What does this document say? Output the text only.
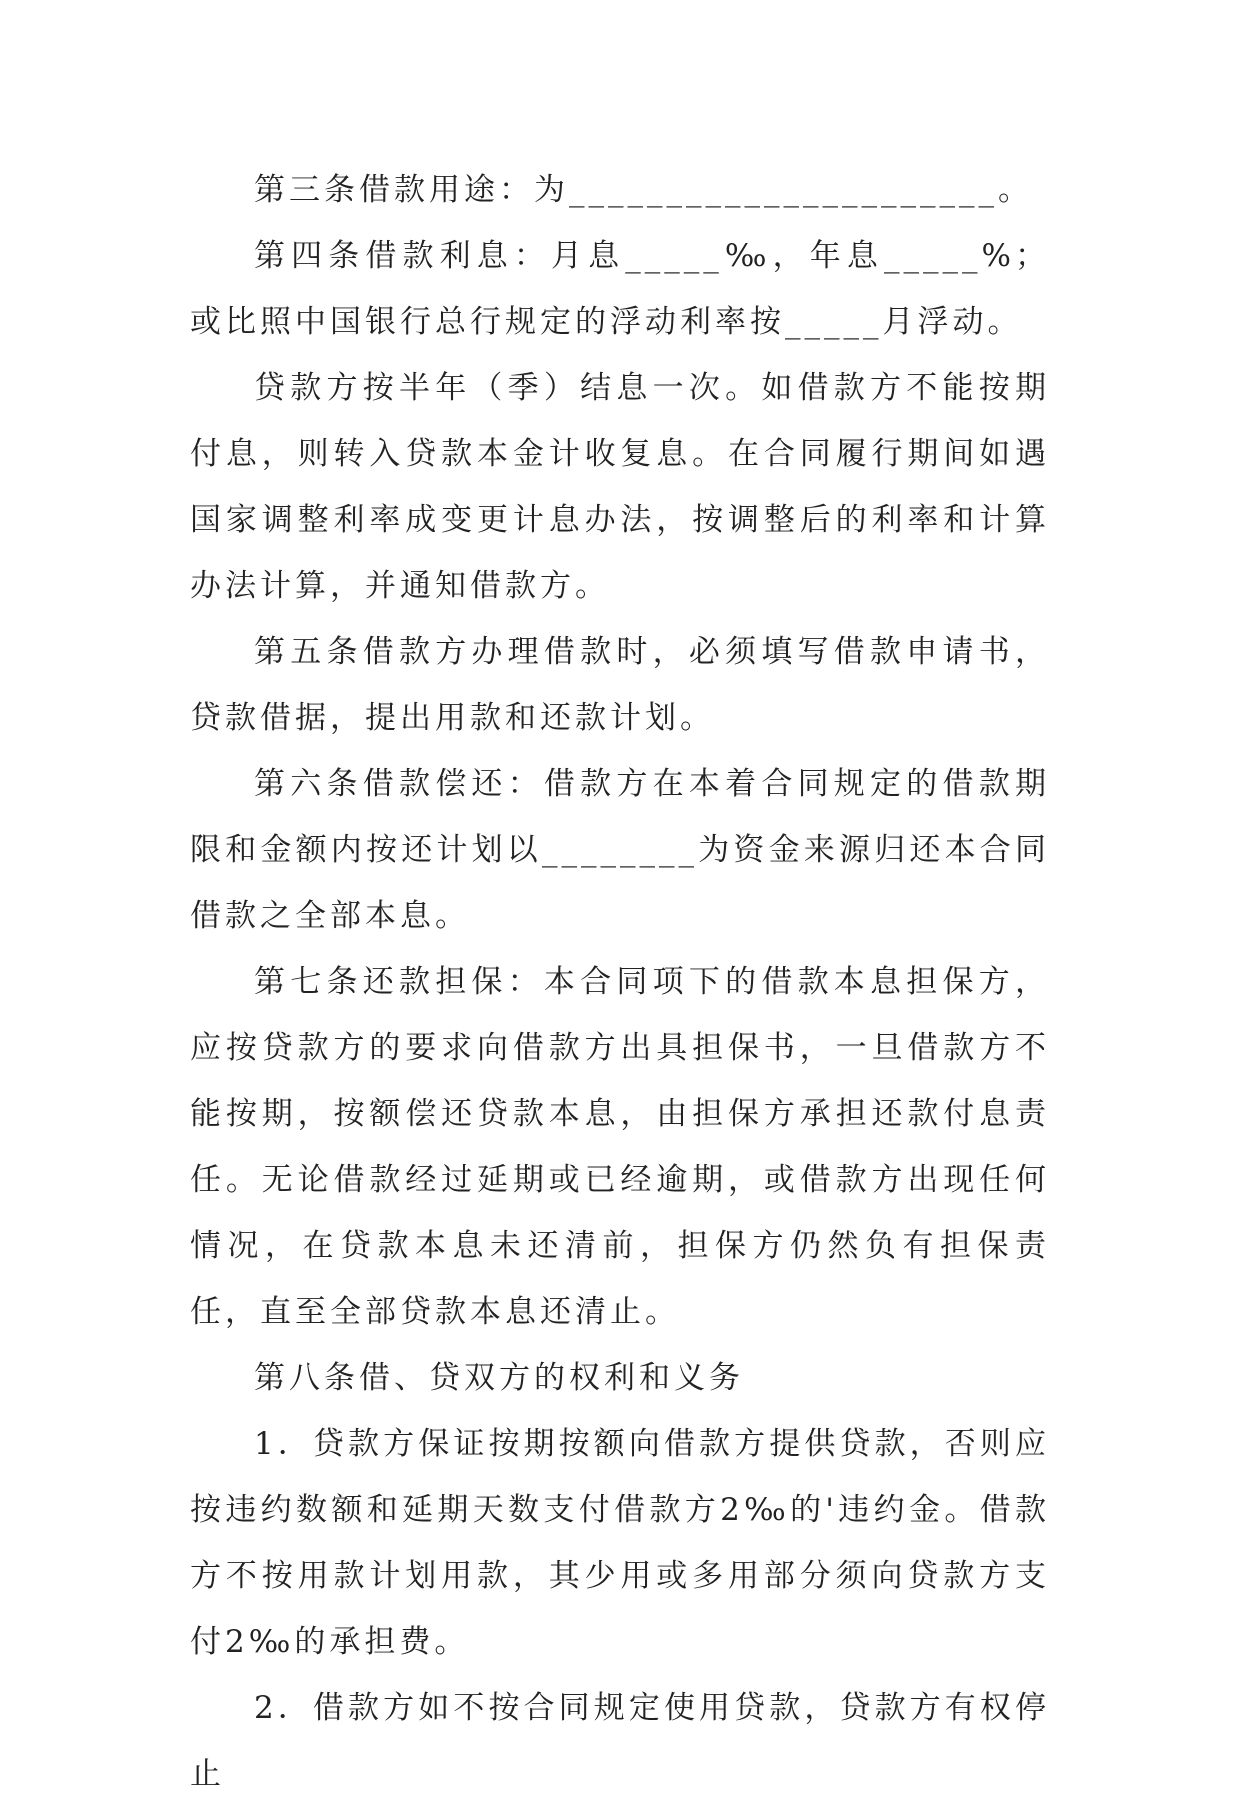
第三条借款用途：为______________________。

第四条借款利息：月息_____‰，年息_____%；或比照中国银行总行规定的浮动利率按_____月浮动。

贷款方按半年（季）结息一次。如借款方不能按期付息，则转入贷款本金计收复息。在合同履行期间如遇国家调整利率成变更计息办法，按调整后的利率和计算办法计算，并通知借款方。

第五条借款方办理借款时，必须填写借款申请书，贷款借据，提出用款和还款计划。

第六条借款偿还：借款方在本着合同规定的借款期限和金额内按还计划以________为资金来源归还本合同借款之全部本息。

第七条还款担保：本合同项下的借款本息担保方，应按贷款方的要求向借款方出具担保书，一旦借款方不能按期，按额偿还贷款本息，由担保方承担还款付息责任。无论借款经过延期或已经逾期，或借款方出现任何情况，在贷款本息未还清前，担保方仍然负有担保责任，直至全部贷款本息还清止。

第八条借、贷双方的权利和义务

1．贷款方保证按期按额向借款方提供贷款，否则应按违约数额和延期天数支付借款方2‰的'违约金。借款方不按用款计划用款，其少用或多用部分须向贷款方支付2‰的承担费。

2．借款方如不按合同规定使用贷款，贷款方有权停止
